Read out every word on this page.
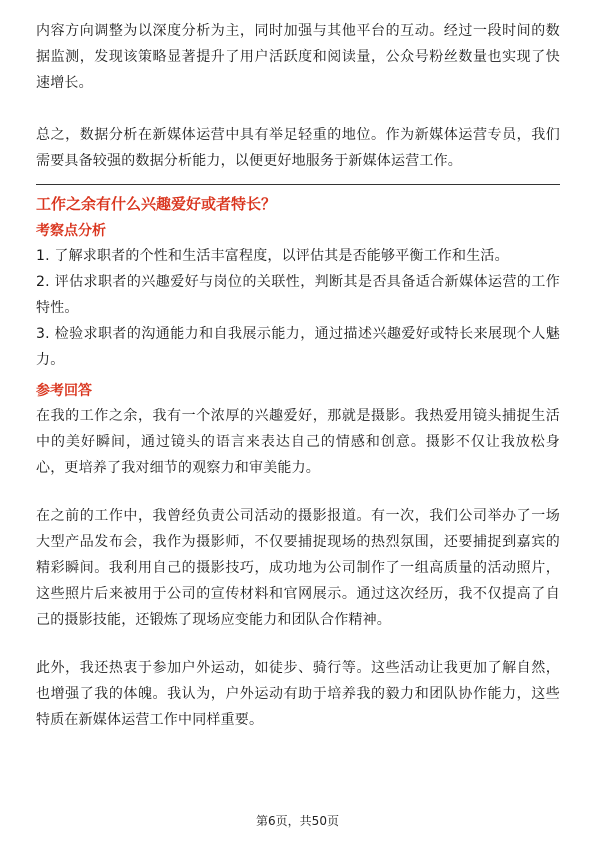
内容方向调整为以深度分析为主，同时加强与其他平台的互动。经过一段时间的数据监测，发现该策略显著提升了用户活跃度和阅读量，公众号粉丝数量也实现了快速增长。

总之，数据分析在新媒体运营中具有举足轻重的地位。作为新媒体运营专员，我们需要具备较强的数据分析能力，以便更好地服务于新媒体运营工作。

工作之余有什么兴趣爱好或者特长？

考察点分析

1. 了解求职者的个性和生活丰富程度，以评估其是否能够平衡工作和生活。

2. 评估求职者的兴趣爱好与岗位的关联性，判断其是否具备适合新媒体运营的工作特性。

3. 检验求职者的沟通能力和自我展示能力，通过描述兴趣爱好或特长来展现个人魅力。

参考回答

在我的工作之余，我有一个浓厚的兴趣爱好，那就是摄影。我热爱用镜头捕捉生活中的美好瞬间，通过镜头的语言来表达自己的情感和创意。摄影不仅让我放松身心，更培养了我对细节的观察力和审美能力。

在之前的工作中，我曾经负责公司活动的摄影报道。有一次，我们公司举办了一场大型产品发布会，我作为摄影师，不仅要捕捉现场的热烈氛围，还要捕捉到嘉宾的精彩瞬间。我利用自己的摄影技巧，成功地为公司制作了一组高质量的活动照片，这些照片后来被用于公司的宣传材料和官网展示。通过这次经历，我不仅提高了自己的摄影技能，还锻炼了现场应变能力和团队合作精神。

此外，我还热衷于参加户外运动，如徒步、骑行等。这些活动让我更加了解自然，也增强了我的体魄。我认为，户外运动有助于培养我的毅力和团队协作能力，这些特质在新媒体运营工作中同样重要。

第6页，共50页
